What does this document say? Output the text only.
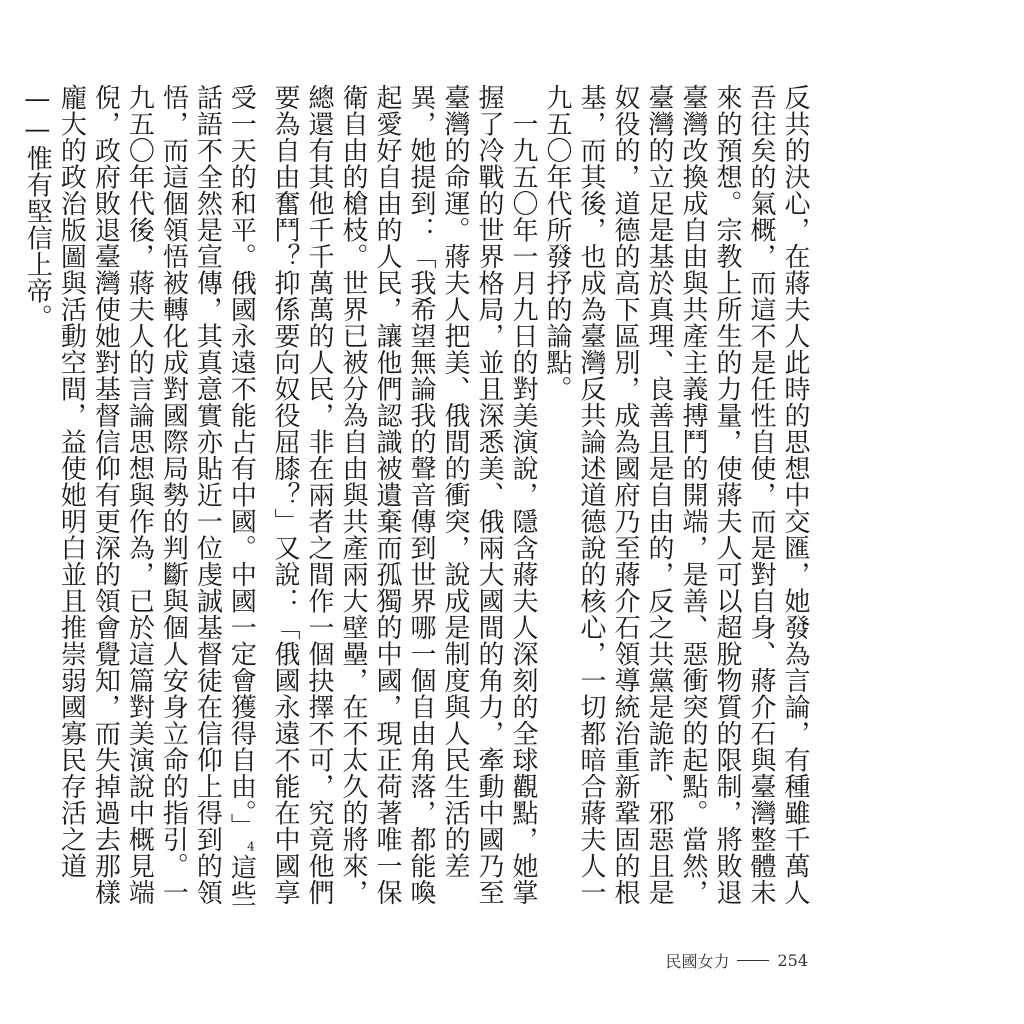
反共的決心，在蔣夫人此時的思想中交匯，她發為言論，有種雖千萬人吾往矣的氣概，而這不是任性自使，而是對自身、蔣介石與臺灣整體未來的預想。宗教上所生的力量，使蔣夫人可以超脫物質的限制，將敗退臺灣改換成自由與共產主義搏鬥的開端，是善、惡衝突的起點。當然，臺灣的立足是基於真理、良善且是自由的，反之共黨是詭詐、邪惡且是奴役的，道德的高下區別，成為國府乃至蔣介石領導統治重新鞏固的根基，而其後，也成為臺灣反共論述道德說的核心，一切都暗合蔣夫人一九五〇年代所發抒的論點。

　一九五〇年一月九日的對美演說，隱含蔣夫人深刻的全球觀點，她掌握了冷戰的世界格局，並且深悉美、俄兩大國間的角力，牽動中國乃至臺灣的命運。蔣夫人把美、俄間的衝突，說成是制度與人民生活的差異，她提到：「我希望無論我的聲音傳到世界哪一個自由角落，都能喚起愛好自由的人民，讓他們認識被遺棄而孤獨的中國，現正荷著唯一保衛自由的槍枝。世界已被分為自由與共產兩大壁壘，在不太久的將來，總還有其他千千萬萬的人民，非在兩者之間作一個抉擇不可，究竟他們要為自由奮鬥？抑係要向奴役屈膝？」又說：「俄國永遠不能在中國享受一天的和平。俄國永遠不能占有中國。中國一定會獲得自由。」$^4$這些話語不全然是宣傳，其真意實亦貼近一位虔誠基督徒在信仰上得到的領悟，而這個領悟被轉化成對國際局勢的判斷與個人安身立命的指引。一九五〇年代後，蔣夫人的言論思想與作為，已於這篇對美演說中概見端倪，政府敗退臺灣使她對基督信仰有更深的領會覺知，而失掉過去那樣龐大的政治版圖與活動空間，益使她明白並且推崇弱國寡民存活之道——惟有堅信上帝。

民國女力	254
